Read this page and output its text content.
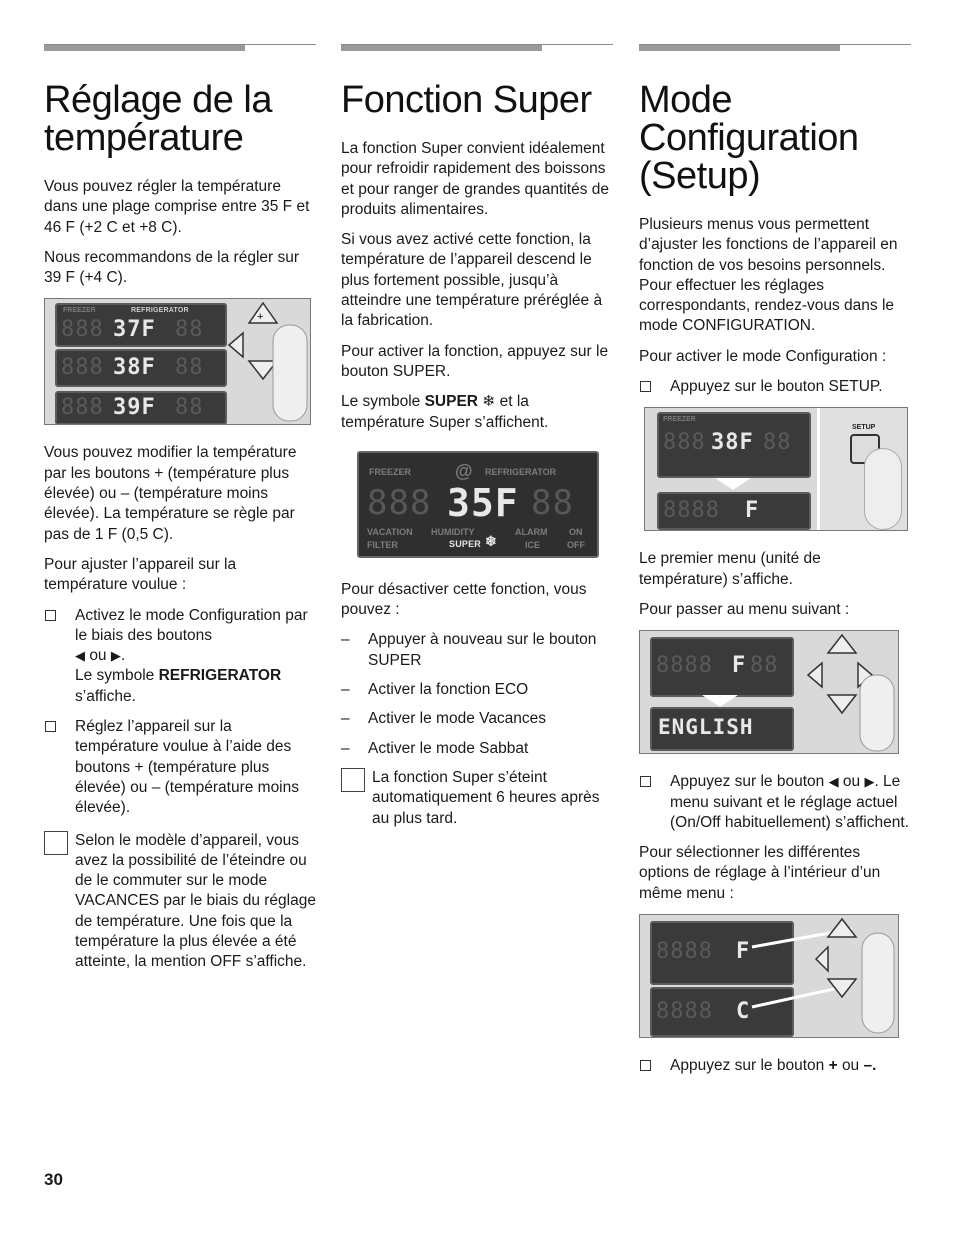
Réglage de la température

Vous pouvez régler la température dans une plage comprise entre 35 F et 46 F (+2 C et +8 C).

Nous recommandons de la régler sur 39 F (+4 C).

FREEZER	REFRIGERATOR
888 37F 88
888 38F 88
888 39F 88
+

Vous pouvez modifier la température par les boutons + (température plus élevée) ou – (température moins élevée). La température se règle par pas de 1 F (0,5 C).

Pour ajuster l’appareil sur la température voulue :

Activez le mode Configuration par le biais des boutons
◀ ou ▶.
Le symbole REFRIGERATOR s’affiche.
Réglez l’appareil sur la température voulue à l’aide des boutons + (température plus élevée) ou – (température moins élevée).
Selon le modèle d’appareil, vous avez la possibilité de l’éteindre ou de le commuter sur le mode VACANCES par le biais du réglage de température. Une fois que la température la plus élevée a été atteinte, la mention OFF s’affiche.
Fonction Super

La fonction Super convient idéalement pour refroidir rapidement des boissons et pour ranger de grandes quantités de produits alimentaires.

Si vous avez activé cette fonction, la température de l’appareil descend le plus fortement possible, jusqu’à atteindre une température préréglée à la fabrication.

Pour activer la fonction, appuyez sur le bouton SUPER.

Le symbole SUPER ❄ et la température Super s’affichent.

FREEZER @ REFRIGERATOR
888 35F 88
VACATION HUMIDITY	ALARM ON
FILTER	SUPER ❄	ICE	OFF

Pour désactiver cette fonction, vous pouvez :

– Appuyer à nouveau sur le bouton SUPER
– Activer la fonction ECO
– Activer le mode Vacances
– Activer le mode Sabbat
La fonction Super s’éteint automatiquement 6 heures après au plus tard.
Mode Configuration (Setup)

Plusieurs menus vous permettent d’ajuster les fonctions de l’appareil en fonction de vos besoins personnels. Pour effectuer les réglages correspondants, rendez-vous dans le mode CONFIGURATION.

Pour activer le mode Configuration :

Appuyez sur le bouton SETUP.
FREEZER
888 38F 88
8888 F
SETUP

Le premier menu (unité de température) s’affiche.

Pour passer au menu suivant :

8888 F 88
ENGLISH
Appuyez sur le bouton ◀ ou ▶. Le menu suivant et le réglage actuel (On/Off habituellement) s’affichent.

Pour sélectionner les différentes options de réglage à l’intérieur d’un même menu :

8888 F
8888 C
Appuyez sur le bouton + ou –.
30
